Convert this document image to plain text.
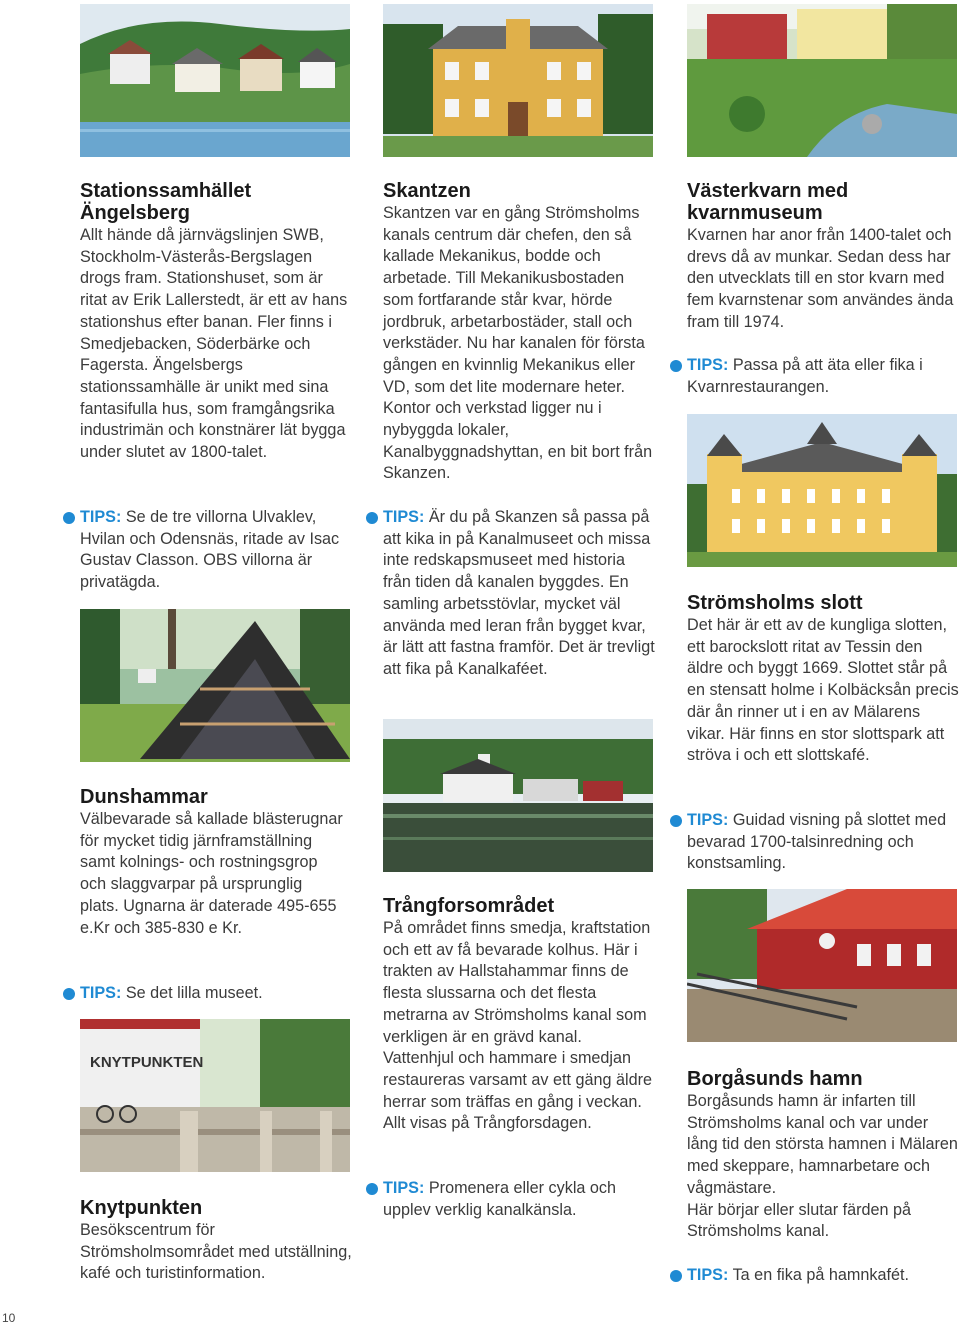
Stationssamhället Ängelsberg
Allt hände då järnvägslinjen SWB, Stockholm-Västerås-Bergslagen drogs fram. Stationshuset, som är ritat av Erik Lallerstedt, är ett av hans stationshus efter banan. Fler finns i Smedjebacken, Söderbärke och Fagersta. Ängelsbergs stationssamhälle är unikt med sina fantasifulla hus, som framgångsrika industrimän och konstnärer lät bygga under slutet av 1800-talet.
TIPS: Se de tre villorna Ulvaklev, Hvilan och Odensnäs, ritade av Isac Gustav Classon. OBS villorna är privatägda.
Dunshammar
Välbevarade så kallade blästerugnar för mycket tidig järnframställning samt kolnings- och rostningsgrop och slaggvarpar på ursprunglig plats. Ugnarna är daterade 495-655 e.Kr och 385-830 e Kr.
TIPS: Se det lilla museet.
KNYTPUNKTEN
Knytpunkten
Besökscentrum för Strömsholmsområdet med utställning, kafé och turistinformation.
Skantzen
Skantzen var en gång Strömsholms kanals centrum där chefen, den så kallade Mekanikus, bodde och arbetade. Till Mekanikusbostaden som fortfarande står kvar, hörde jordbruk, arbetarbostäder, stall och verkstäder. Nu har kanalen för första gången en kvinnlig Mekanikus eller VD, som det lite modernare heter. Kontor och verkstad ligger nu i nybyggda lokaler, Kanalbyggnadshyttan, en bit bort från Skanzen.
TIPS: Är du på Skanzen så passa på att kika in på Kanalmuseet och missa inte redskapsmuseet med historia från tiden då kanalen byggdes. En samling arbetsstövlar, mycket väl använda med leran från bygget kvar, är lätt att fastna framför. Det är trevligt att fika på Kanalkaféet.
Trångforsområdet
På området finns smedja, kraftstation och ett av få bevarade kolhus. Här i trakten av Hallstahammar finns de flesta slussarna och det flesta metrarna av Strömsholms kanal som verkligen är en grävd kanal. Vattenhjul och hammare i smedjan restaureras varsamt av ett gäng äldre herrar som träffas en gång i veckan. Allt visas på Trångforsdagen.
TIPS: Promenera eller cykla och upplev verklig kanalkänsla.
Västerkvarn med kvarnmuseum
Kvarnen har anor från 1400-talet och drevs då av munkar. Sedan dess har den utvecklats till en stor kvarn med fem kvarnstenar som användes ända fram till 1974.
TIPS: Passa på att äta eller fika i Kvarnrestaurangen.
Strömsholms slott
Det här är ett av de kungliga slotten, ett barockslott ritat av Tessin den äldre och byggt 1669. Slottet står på en stensatt holme i Kolbäcksån precis där ån rinner ut i en av Mälarens vikar. Här finns en stor slottspark att ströva i och ett slottskafé.
TIPS: Guidad visning på slottet med bevarad 1700-talsinredning och konstsamling.
Borgåsunds hamn
Borgåsunds hamn är infarten till Strömsholms kanal och var under lång tid den största hamnen i Mälaren med skeppare, hamnarbetare och vågmästare.
Här börjar eller slutar färden på Strömsholms kanal.
TIPS: Ta en fika på hamnkafét.
10
